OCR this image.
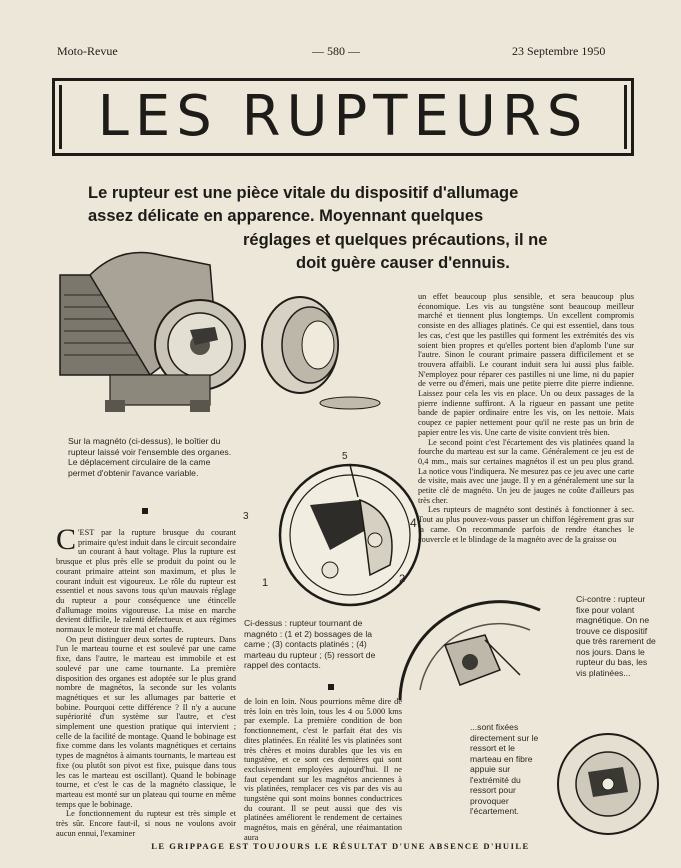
Moto-Revue	— 580 —	23 Septembre 1950
LES RUPTEURS
Le rupteur est une pièce vitale du dispositif d'allumage
assez délicate en apparence. Moyennant quelques
réglages et quelques précautions, il ne
doit guère causer d'ennuis.
Sur la magnéto (ci-dessus), le boîtier du rupteur laissé voir l'ensemble des organes. Le déplacement circulaire de la came permet d'obtenir l'avance variable.
5
3	4
1	2
Ci-dessus : rupteur tournant de magnéto : (1 et 2) bossages de la came ; (3) contacts platinés ; (4) marteau du rupteur ; (5) ressort de rappel des contacts.
Ci-contre : rupteur fixe pour volant magnétique. On ne trouve ce dispositif que très rarement de nos jours. Dans le rupteur du bas, les vis platinées...
...sont fixées directement sur le ressort et le marteau en fibre appuie sur l'extrémité du ressort pour provoquer l'écartement.

C 'EST par la rupture brusque du courant primaire qu'est induit dans le circuit secondaire un courant à haut voltage. Plus la rupture est brusque et plus près elle se produit du point ou le courant primaire atteint son maximum, et plus le courant induit est vigoureux. Le rôle du rupteur est essentiel et nous savons tous qu'un mauvais réglage du rupteur a pour conséquence une étincelle d'allumage moins vigoureuse. La mise en marche devient difficile, le ralenti défectueux et aux régimes normaux le moteur tire mal et chauffe.

On peut distinguer deux sortes de rupteurs. Dans l'un le marteau tourne et est soulevé par une came fixe, dans l'autre, le marteau est immobile et est soulevé par une came tournante. La première disposition des organes est adoptée sur le plus grand nombre de magnétos, la seconde sur les volants magnétiques et sur les allumages par batterie et bobine. Pourquoi cette différence ? Il n'y a aucune supériorité d'un système sur l'autre, et c'est simplement une question pratique qui intervient ; celle de la facilité de montage. Quand le bobinage est fixe comme dans les volants magnétiques et certains types de magnétos à aimants tournants, le marteau est fixe (ou plutôt son pivot est fixe, puisque dans tous les cas le marteau est oscillant). Quand le bobinage tourne, et c'est le cas de la magnéto classique, le marteau est monté sur un plateau qui tourne en même temps que le bobinage.

Le fonctionnement du rupteur est très simple et très sûr. Encore faut-il, si nous ne voulons avoir aucun ennui, l'examiner

de loin en loin. Nous pourrions même dire de très loin en très loin, tous les 4 ou 5.000 kms par exemple. La première condition de bon fonctionnement, c'est le parfait état des vis dites platinées. En réalité les vis platinées sont très chères et moins durables que les vis en tungstène, et ce sont ces dernières qui sont exclusivement employées aujourd'hui. Il ne faut cependant sur les magnétos anciennes à vis platinées, remplacer ces vis par des vis au tungstène qui sont moins bonnes conductrices du courant. Il se peut aussi que des vis platinées améliorent le rendement de certaines magnétos, mais en général, une réaimantation aura

un effet beaucoup plus sensible, et sera beaucoup plus économique. Les vis au tungstène sont beaucoup meilleur marché et tiennent plus longtemps. Un excellent compromis consiste en des alliages platinés. Ce qui est essentiel, dans tous les cas, c'est que les pastilles qui forment les extrémités des vis soient bien propres et qu'elles portent bien d'aplomb l'une sur l'autre. Sinon le courant primaire passera difficilement et se trouvera affaibli. Le courant induit sera lui aussi plus faible. N'employez pour réparer ces pastilles ni une lime, ni du papier de verre ou d'émeri, mais une petite pierre dite pierre indienne. Laissez pour cela les vis en place. Un ou deux passages de la pierre indienne suffiront. A la rigueur en passant une petite bande de papier ordinaire entre les vis, on les nettoie. Mais coupez ce papier nettement pour qu'il ne reste pas un brin de papier entre les vis. Une carte de visite convient très bien.

Le second point c'est l'écartement des vis platinées quand la fourche du marteau est sur la came. Généralement ce jeu est de 0,4 mm., mais sur certaines magnétos il est un peu plus grand. La notice vous l'indiquera. Ne mesurez pas ce jeu avec une carte de visite, mais avec une jauge. Il y en a généralement une sur la petite clé de magnéto. Un jeu de jauges ne coûte d'ailleurs pas très cher.

Les rupteurs de magnéto sont destinés à fonctionner à sec. Tout au plus pouvez-vous passer un chiffon légèrement gras sur la came. On recommande parfois de rendre étanches le couvercle et le blindage de la magnéto avec de la graisse ou

LE GRIPPAGE EST TOUJOURS LE RÉSULTAT D'UNE ABSENCE D'HUILE
